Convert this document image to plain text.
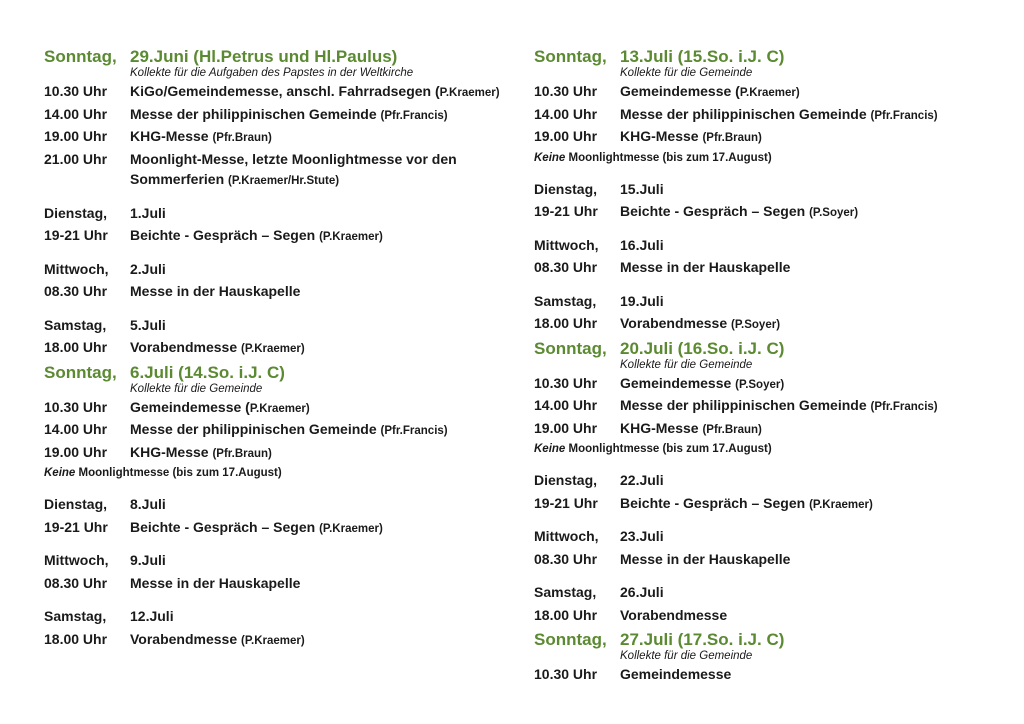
Sonntag, 29.Juni (Hl.Petrus und Hl.Paulus)
Kollekte für die Aufgaben des Papstes in der Weltkirche
10.30 Uhr	KiGo/Gemeindemesse, anschl. Fahrradsegen (P.Kraemer)
14.00 Uhr	Messe der philippinischen Gemeinde (Pfr.Francis)
19.00 Uhr	KHG-Messe (Pfr.Braun)
21.00 Uhr	Moonlight-Messe, letzte Moonlightmesse vor den Sommerferien (P.Kraemer/Hr.Stute)
Dienstag,	1.Juli
19-21 Uhr	Beichte - Gespräch – Segen (P.Kraemer)
Mittwoch,	2.Juli
08.30 Uhr	Messe in der Hauskapelle
Samstag,	5.Juli
18.00 Uhr	Vorabendmesse (P.Kraemer)
Sonntag, 6.Juli (14.So. i.J. C)
Kollekte für die Gemeinde
10.30 Uhr	Gemeindemesse (P.Kraemer)
14.00 Uhr	Messe der philippinischen Gemeinde (Pfr.Francis)
19.00 Uhr	KHG-Messe (Pfr.Braun)
Keine Moonlightmesse (bis zum 17.August)
Dienstag,	8.Juli
19-21 Uhr	Beichte - Gespräch – Segen (P.Kraemer)
Mittwoch,	9.Juli
08.30 Uhr	Messe in der Hauskapelle
Samstag,	12.Juli
18.00 Uhr	Vorabendmesse (P.Kraemer)
Sonntag, 13.Juli (15.So. i.J. C)
Kollekte für die Gemeinde
10.30 Uhr	Gemeindemesse (P.Kraemer)
14.00 Uhr	Messe der philippinischen Gemeinde (Pfr.Francis)
19.00 Uhr	KHG-Messe (Pfr.Braun)
Keine Moonlightmesse (bis zum 17.August)
Dienstag,	15.Juli
19-21 Uhr	Beichte - Gespräch – Segen (P.Soyer)
Mittwoch,	16.Juli
08.30 Uhr	Messe in der Hauskapelle
Samstag,	19.Juli
18.00 Uhr	Vorabendmesse (P.Soyer)
Sonntag, 20.Juli (16.So. i.J. C)
Kollekte für die Gemeinde
10.30 Uhr	Gemeindemesse (P.Soyer)
14.00 Uhr	Messe der philippinischen Gemeinde (Pfr.Francis)
19.00 Uhr	KHG-Messe (Pfr.Braun)
Keine Moonlightmesse (bis zum 17.August)
Dienstag,	22.Juli
19-21 Uhr	Beichte - Gespräch – Segen (P.Kraemer)
Mittwoch,	23.Juli
08.30 Uhr	Messe in der Hauskapelle
Samstag,	26.Juli
18.00 Uhr	Vorabendmesse
Sonntag, 27.Juli (17.So. i.J. C)
Kollekte für die Gemeinde
10.30 Uhr	Gemeindemesse
